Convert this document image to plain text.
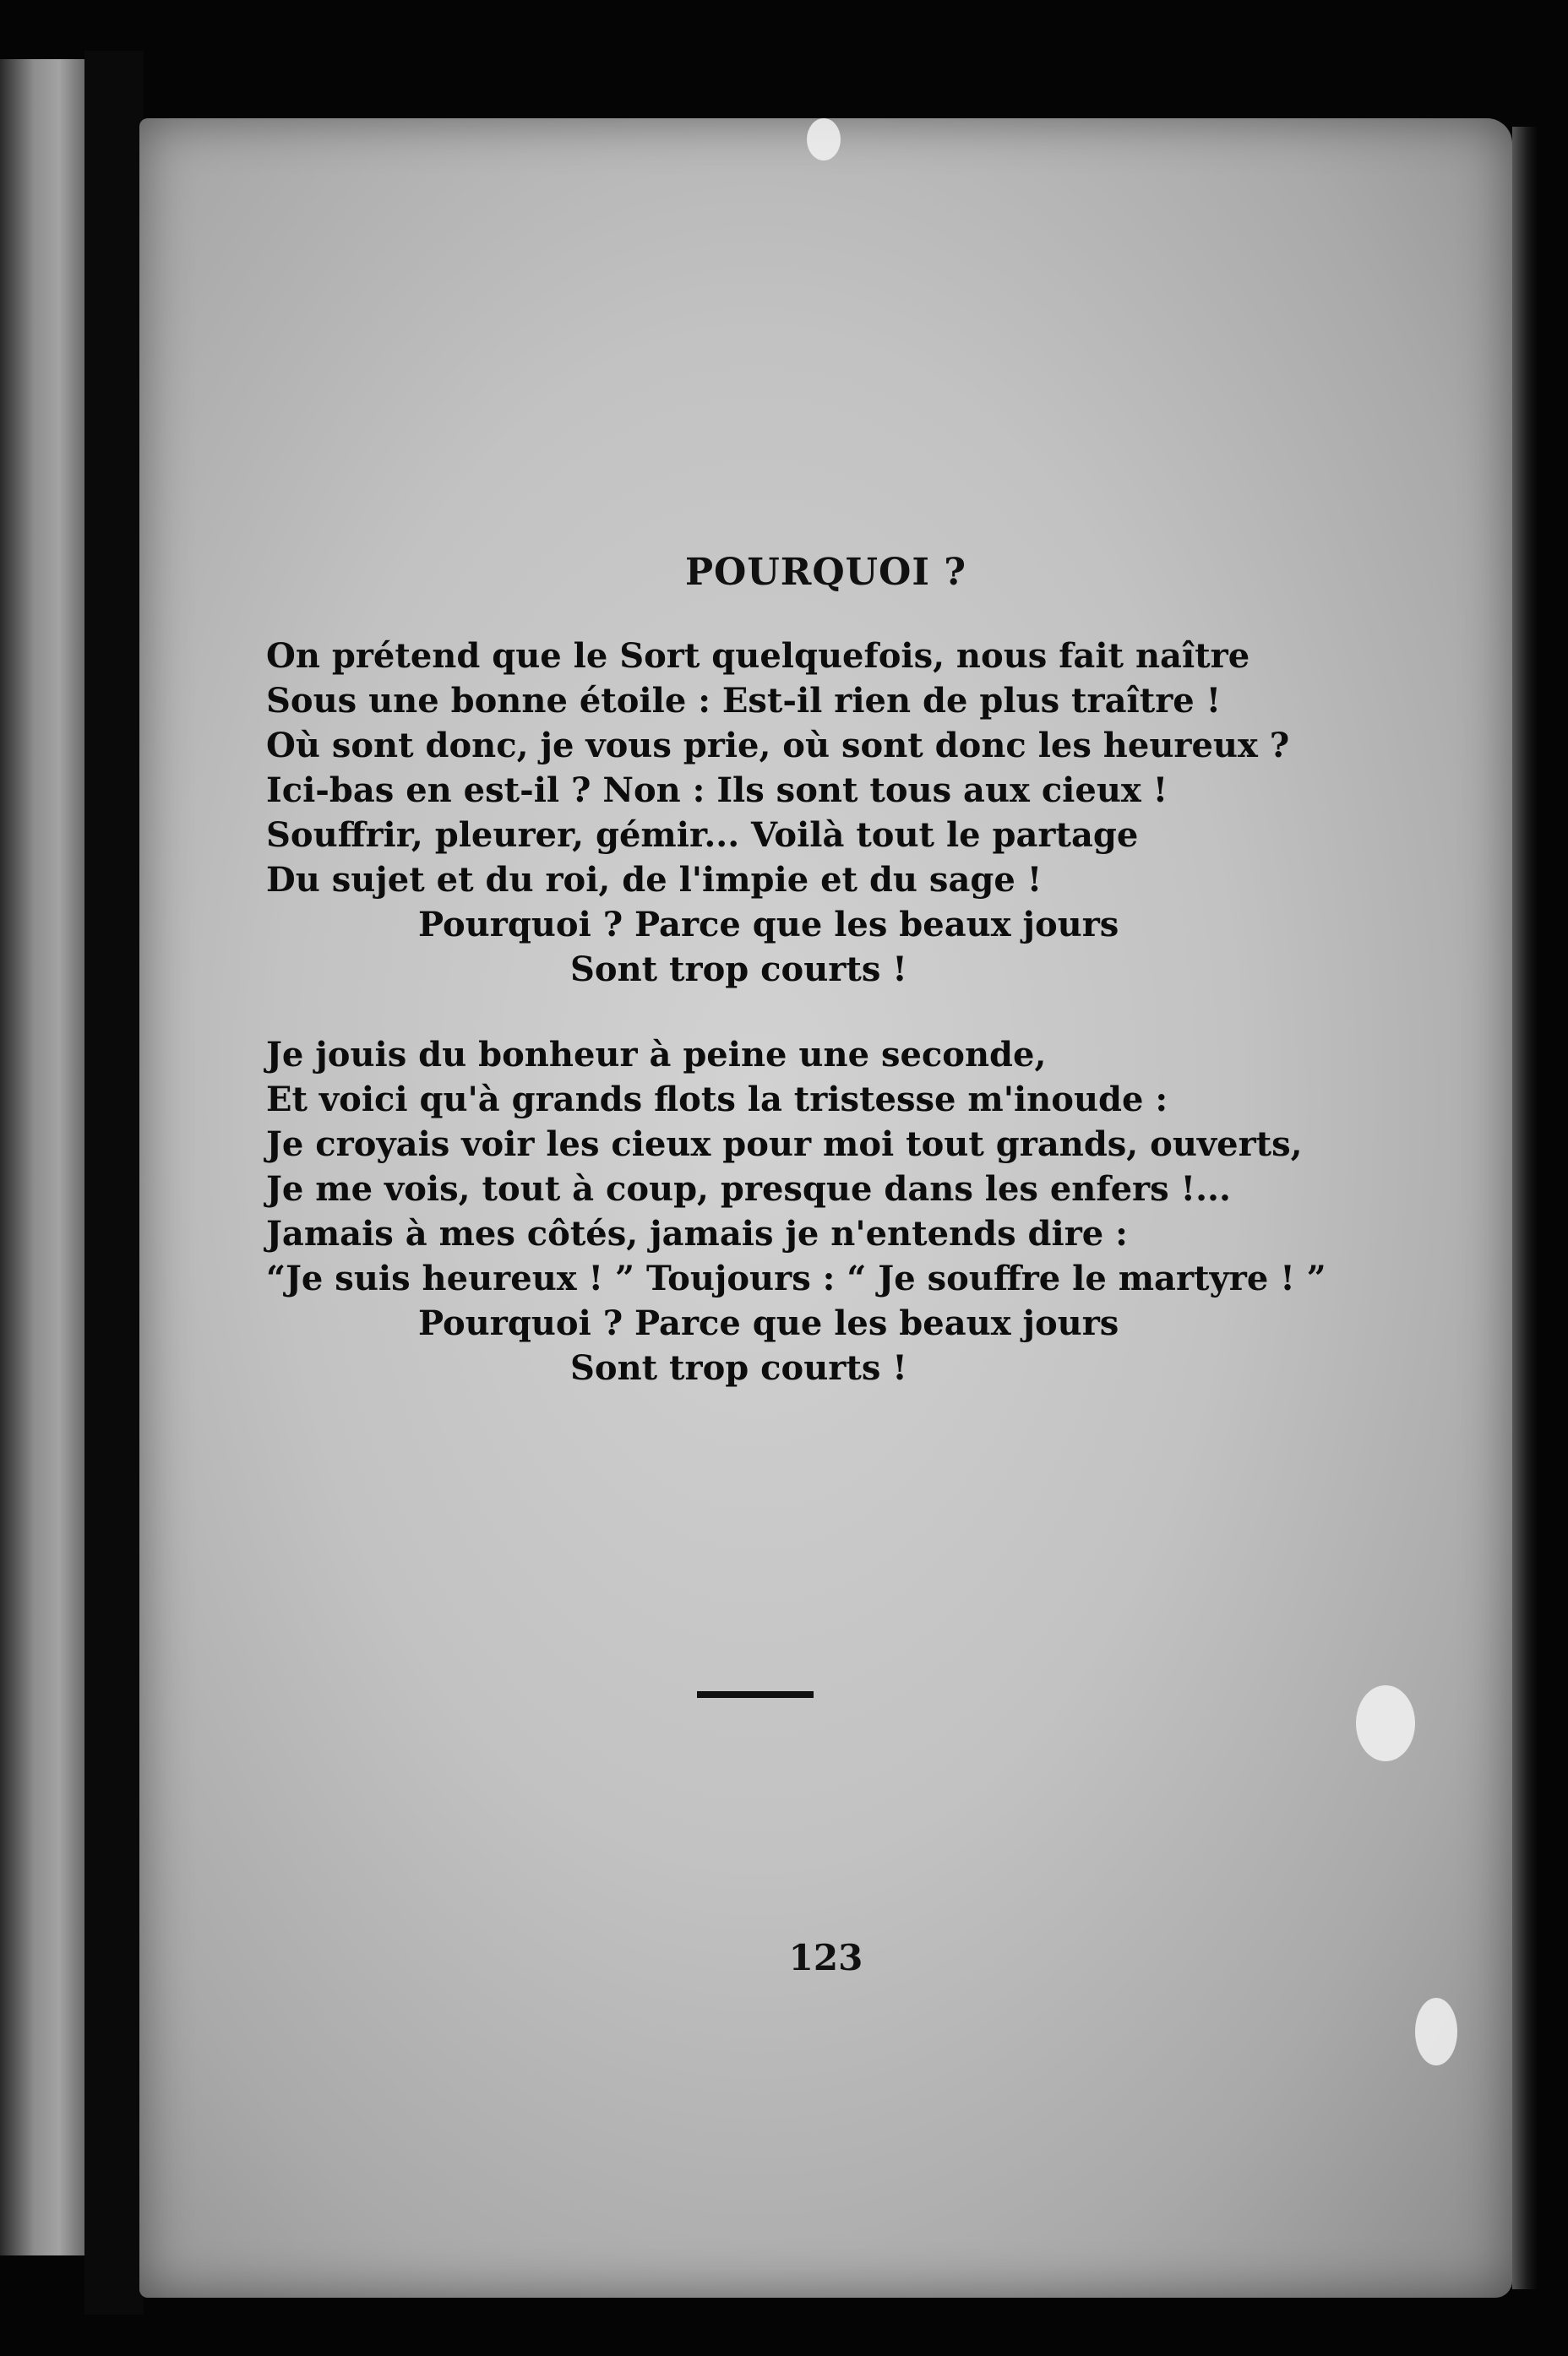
POURQUOI ?
On prétend que le Sort quelquefois, nous fait naître
Sous une bonne étoile : Est-il rien de plus traître !
Où sont donc, je vous prie, où sont donc les heureux ?
Ici-bas en est-il ? Non : Ils sont tous aux cieux !
Souffrir, pleurer, gémir... Voilà tout le partage
Du sujet et du roi, de l'impie et du sage !
Pourquoi ? Parce que les beaux jours
Sont trop courts !
Je jouis du bonheur à peine une seconde,
Et voici qu'à grands flots la tristesse m'inoude :
Je croyais voir les cieux pour moi tout grands, ouverts,
Je me vois, tout à coup, presque dans les enfers !...
Jamais à mes côtés, jamais je n'entends dire :
“Je suis heureux ! ” Toujours : “ Je souffre le martyre ! ”
Pourquoi ? Parce que les beaux jours
Sont trop courts !
123
